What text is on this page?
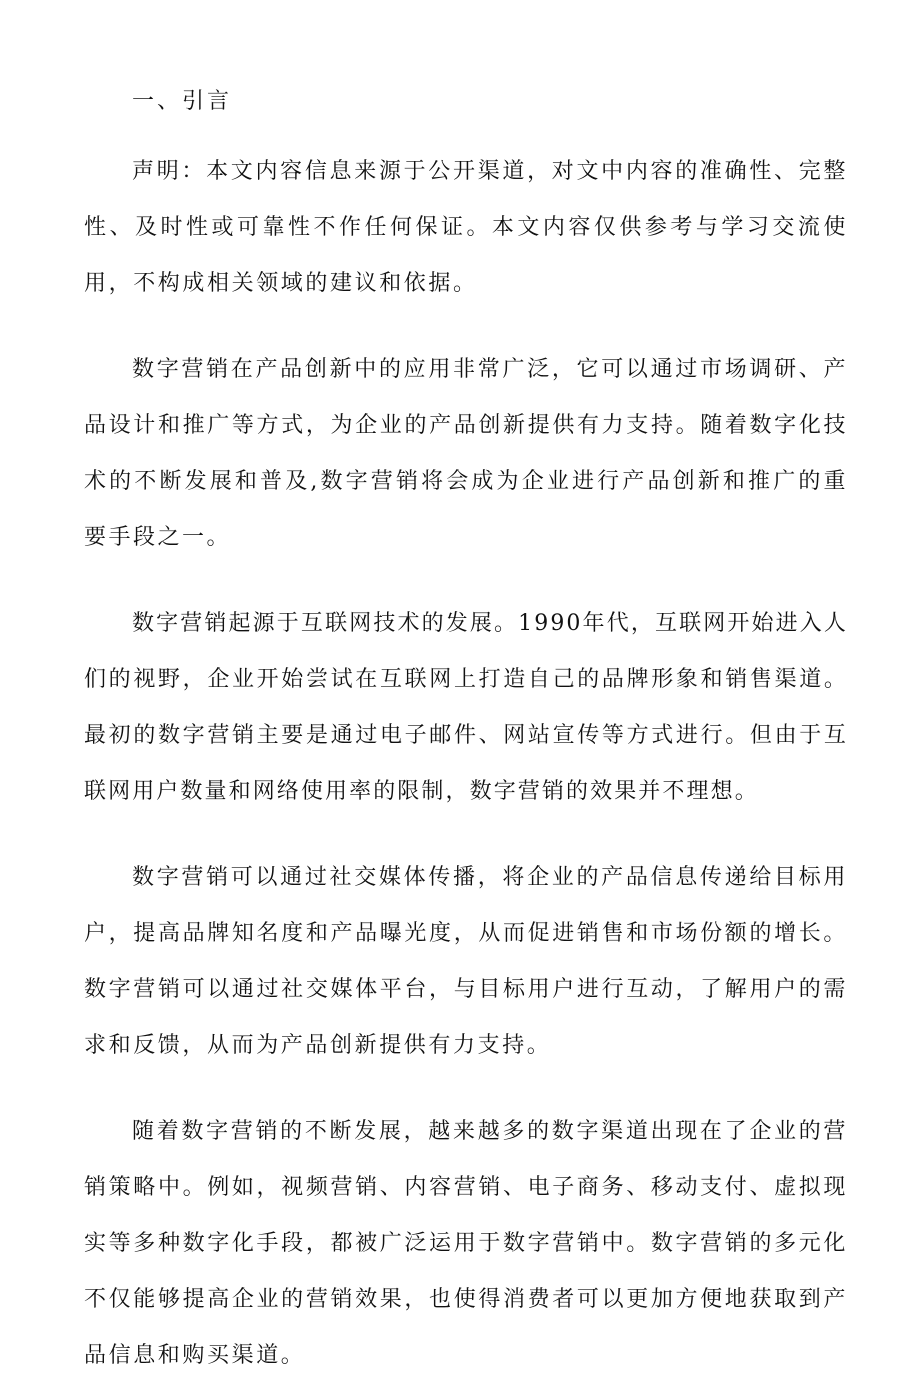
一、引言

声明：本文内容信息来源于公开渠道，对文中内容的准确性、完整性、及时性或可靠性不作任何保证。本文内容仅供参考与学习交流使用，不构成相关领域的建议和依据。

数字营销在产品创新中的应用非常广泛，它可以通过市场调研、产品设计和推广等方式，为企业的产品创新提供有力支持。随着数字化技术的不断发展和普及,数字营销将会成为企业进行产品创新和推广的重要手段之一。

数字营销起源于互联网技术的发展。1990年代，互联网开始进入人们的视野，企业开始尝试在互联网上打造自己的品牌形象和销售渠道。最初的数字营销主要是通过电子邮件、网站宣传等方式进行。但由于互联网用户数量和网络使用率的限制，数字营销的效果并不理想。

数字营销可以通过社交媒体传播，将企业的产品信息传递给目标用户，提高品牌知名度和产品曝光度，从而促进销售和市场份额的增长。数字营销可以通过社交媒体平台，与目标用户进行互动，了解用户的需求和反馈，从而为产品创新提供有力支持。

随着数字营销的不断发展，越来越多的数字渠道出现在了企业的营销策略中。例如，视频营销、内容营销、电子商务、移动支付、虚拟现实等多种数字化手段，都被广泛运用于数字营销中。数字营销的多元化不仅能够提高企业的营销效果，也使得消费者可以更加方便地获取到产品信息和购买渠道。
